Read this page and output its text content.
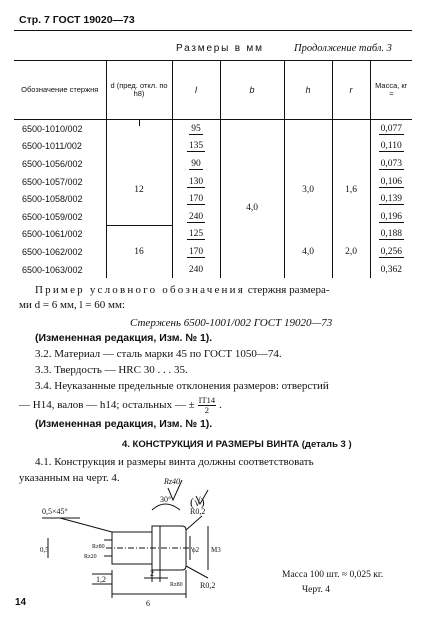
Стр. 7 ГОСТ 19020—73
Размеры в мм	Продолжение табл. 3
Обозначение стержня	d (пред. откл. по h8)	l	b	h	r	Масса, кг ≈
6500-1010/002		95				0,077
6500-1011/002		135	4,0			0,110
6500-1056/002	12	90		3,0	1,6	0,073
6500-1057/002		130				0,106
6500-1058/002		170				0,139
6500-1059/002		240				0,196
6500-1061/002	16	125		4,0	2,0	0,188
6500-1062/002		170				0,256
6500-1063/002		240				0,362
Пример условного обозначения стержня размера-
ми d = 6 мм, l = 60 мм:
Стержень 6500-1001/002 ГОСТ 19020—73
(Измененная редакция, Изм. № 1).
3.2. Материал — сталь марки 45 по ГОСТ 1050—74.
3.3. Твердость — HRC 30 . . . 35.
3.4. Неуказанные предельные отклонения размеров: отверстий
— H14, валов — h14; остальных — ± $\frac{IT14}{2}$ .
(Измененная редакция, Изм. № 1).
4. КОНСТРУКЦИЯ И РАЗМЕРЫ ВИНТА (деталь 3 )
4.1. Конструкция и размеры винта должны соответствовать
указанным на черт. 4.	Rz40
(√)
0,5×45°
30°
R0,2
R0,2
0,5	ϕ2 M3
Rz80
Rz20
1,2
2
6
Rz80
Масса 100 шт. ≈ 0,025 кг.
Черт. 4
14
